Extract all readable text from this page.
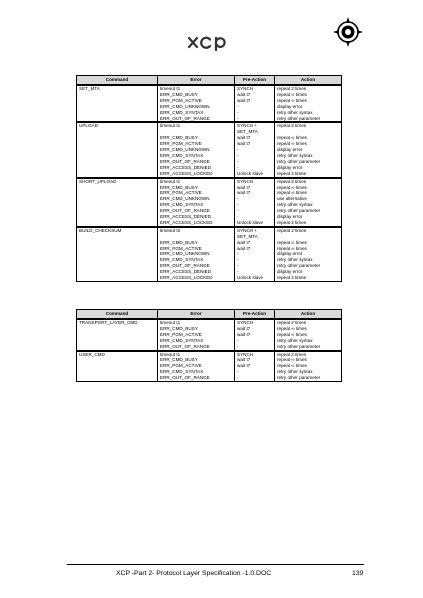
xcp
Command	Error	Pre-Action	Action
SET_MTA	timeout t1	SYNCH	repeat 2 times
	ERR_CMD_BUSY	wait t7	repeat ∞ times
	ERR_PGM_ACTIVE	wait t7	repeat ∞ times
	ERR_CMD_UNKNOWN	-	display error
	ERR_CMD_SYNTAX	-	retry other syntax
	ERR_OUT_OF_RANGE	-	retry other parameter
UPLOAD	timeout t1	SYNCH +	repeat 2 times
		SET_MTA	
	ERR_CMD_BUSY	wait t7	repeat ∞ times
	ERR_PGM_ACTIVE	wait t7	repeat ∞ times
	ERR_CMD_UNKNOWN	-	display error
	ERR_CMD_SYNTAX	-	retry other syntax
	ERR_OUT_OF_RANGE	-	retry other parameter
	ERR_ACCESS_DENIED	-	display error
	ERR_ACCESS_LOCKED	Unlock slave	repeat 2 times
SHORT_UPLOAD	timeout t1	SYNCH	repeat 2 times
	ERR_CMD_BUSY	wait t7	repeat ∞ times
	ERR_PGM_ACTIVE	wait t7	repeat ∞ times
	ERR_CMD_UNKNOWN	-	use alternative
	ERR_CMD_SYNTAX	-	retry other syntax
	ERR_OUT_OF_RANGE	-	retry other parameter
	ERR_ACCESS_DENIED	-	display error
	ERR_ACCESS_LOCKED	Unlock slave	repeat 2 times
BUILD_CHECKSUM	timeout t2	SYNCH +	repeat 2 times
		SET_MTA	
	ERR_CMD_BUSY	wait t7	repeat ∞ times
	ERR_PGM_ACTIVE	wait t7	repeat ∞ times
	ERR_CMD_UNKNOWN	-	display error
	ERR_CMD_SYNTAX	-	retry other syntax
	ERR_OUT_OF_RANGE	-	retry other parameter
	ERR_ACCESS_DENIED	-	display error
	ERR_ACCESS_LOCKED	Unlock slave	repeat 2 times
Command	Error	Pre-Action	Action
TRANSPORT_LAYER_CMD	timeout t1	SYNCH	repeat 2 times
	ERR_CMD_BUSY	wait t7	repeat ∞ times
	ERR_PGM_ACTIVE	wait t7	repeat ∞ times
	ERR_CMD_SYNTAX	-	retry other syntax
	ERR_OUT_OF_RANGE	-	retry other parameter
USER_CMD	timeout t1	SYNCH	repeat 2 times
	ERR_CMD_BUSY	wait t7	repeat ∞ times
	ERR_PGM_ACTIVE	wait t7	repeat ∞ times
	ERR_CMD_SYNTAX	-	retry other syntax
	ERR_OUT_OF_RANGE	-	retry other parameter
XCP -Part 2- Protocol Layer Specification -1.0.DOC	139
